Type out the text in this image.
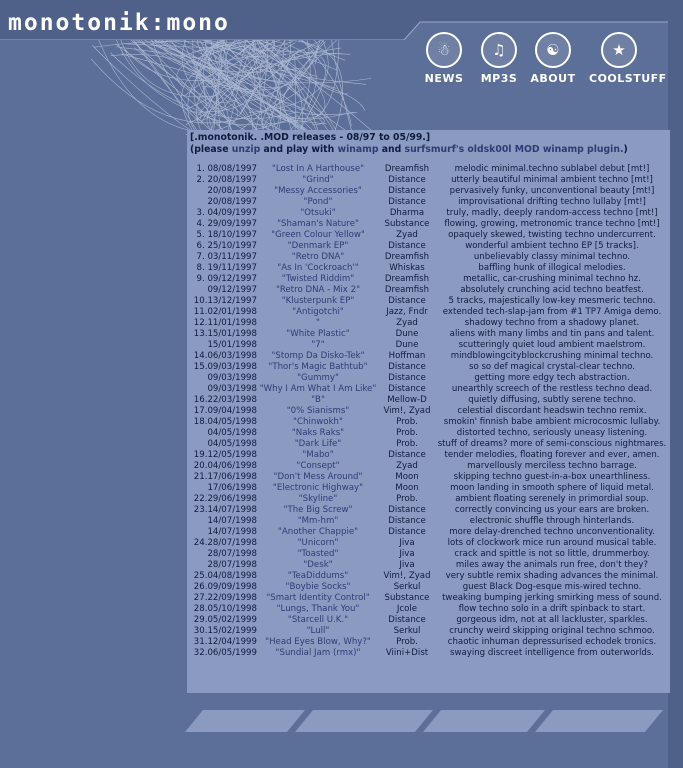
monotonik:mono
☃
NEWS
♫
MP3S
☯
ABOUT
★
COOLSTUFF
[.monotonik. .MOD releases - 08/97 to 05/99.]
(please unzip and play with winamp and surfsmurf's oldsk00l MOD winamp plugin.)
1. 08/08/1997	"Lost In A Harthouse"	Dreamfish	melodic minimal.techno sublabel debut [mt!]
2. 20/08/1997	"Grind"	Distance	utterly beautiful minimal ambient techno [mt!]
20/08/1997	"Messy Accessories"	Distance	pervasively funky, unconventional beauty [mt!]
20/08/1997	"Pond"	Distance	improvisational drifting techno lullaby [mt!]
3. 04/09/1997	"Otsuki"	Dharma	truly, madly, deeply random-access techno [mt!]
4. 29/09/1997	"Shaman's Nature"	Substance	flowing, growing, metronomic trance techno [mt!]
5. 18/10/1997	"Green Colour Yellow"	Zyad	opaquely skewed, twisting techno undercurrent.
6. 25/10/1997	"Denmark EP"	Distance	wonderful ambient techno EP [5 tracks].
7. 03/11/1997	"Retro DNA"	Dreamfish	unbelievably classy minimal techno.
8. 19/11/1997	"As In 'Cockroach'"	Whiskas	baffling hunk of illogical melodies.
9. 09/12/1997	"Twisted Riddim"	Dreamfish	metallic, car-crushing minimal techno hz.
09/12/1997	"Retro DNA - Mix 2"	Dreamfish	absolutely crunching acid techno beatfest.
10.13/12/1997	"Klusterpunk EP"	Distance	5 tracks, majestically low-key mesmeric techno.
11.02/01/1998	"Antigotchi"	Jazz, Fndr	extended tech-slap-jam from #1 TP7 Amiga demo.
12.11/01/1998	"	Zyad	shadowy techno from a shadowy planet.
13.15/01/1998	"White Plastic"	Dune	aliens with many limbs and tin pans and talent.
15/01/1998	"7"	Dune	scutteringly quiet loud ambient maelstrom.
14.06/03/1998	"Stomp Da Disko-Tek"	Hoffman	mindblowingcityblockcrushing minimal techno.
15.09/03/1998	"Thor's Magic Bathtub"	Distance	so so def magical crystal-clear techno.
09/03/1998	"Gummy"	Distance	getting more edgy tech abstraction.
09/03/1998	"Why I Am What I Am Like"	Distance	unearthly screech of the restless techno dead.
16.22/03/1998	"B"	Mellow-D	quietly diffusing, subtly serene techno.
17.09/04/1998	"0% Sianisms"	Vim!, Zyad	celestial discordant headswin techno remix.
18.04/05/1998	"Chinwokh"	Prob.	smokin' finnish babe ambient microcosmic lullaby.
04/05/1998	"Naks Raks"	Prob.	distorted techno, seriously uneasy listening.
04/05/1998	"Dark Life"	Prob.	stuff of dreams? more of semi-conscious nightmares.
19.12/05/1998	"Mabo"	Distance	tender melodies, floating forever and ever, amen.
20.04/06/1998	"Consept"	Zyad	marvellously merciless techno barrage.
21.17/06/1998	"Don't Mess Around"	Moon	skipping techno guest-in-a-box unearthliness.
17/06/1998	"Electronic Highway"	Moon	moon landing in smooth sphere of liquid metal.
22.29/06/1998	"Skyline"	Prob.	ambient floating serenely in primordial soup.
23.14/07/1998	"The Big Screw"	Distance	correctly convincing us your ears are broken.
14/07/1998	"Mm-hm"	Distance	electronic shuffle through hinterlands.
14/07/1998	"Another Chappie"	Distance	more delay-drenched techno unconventionality.
24.28/07/1998	"Unicorn"	Jiva	lots of clockwork mice run around musical table.
28/07/1998	"Toasted"	Jiva	crack and spittle is not so little, drummerboy.
28/07/1998	"Desk"	Jiva	miles away the animals run free, don't they?
25.04/08/1998	"TeaDiddums"	Vim!, Zyad	very subtle remix shading advances the minimal.
26.09/09/1998	"Boybie Socks"	Serkul	guest Black Dog-esque mis-wired techno.
27.22/09/1998	"Smart Identity Control"	Substance	tweaking bumping jerking smirking mess of sound.
28.05/10/1998	"Lungs, Thank You"	Jcole	flow techno solo in a drift spinback to start.
29.05/02/1999	"Starcell U.K."	Distance	gorgeous idm, not at all lackluster, sparkles.
30.15/02/1999	"Lull"	Serkul	crunchy weird skipping original techno schmoo.
31.12/04/1999	"Head Eyes Blow, Why?"	Prob.	chaotic inhuman depressurised echodek tronics.
32.06/05/1999	"Sundial Jam (rmx)"	Viini+Dist	swaying discreet intelligence from outerworlds.
